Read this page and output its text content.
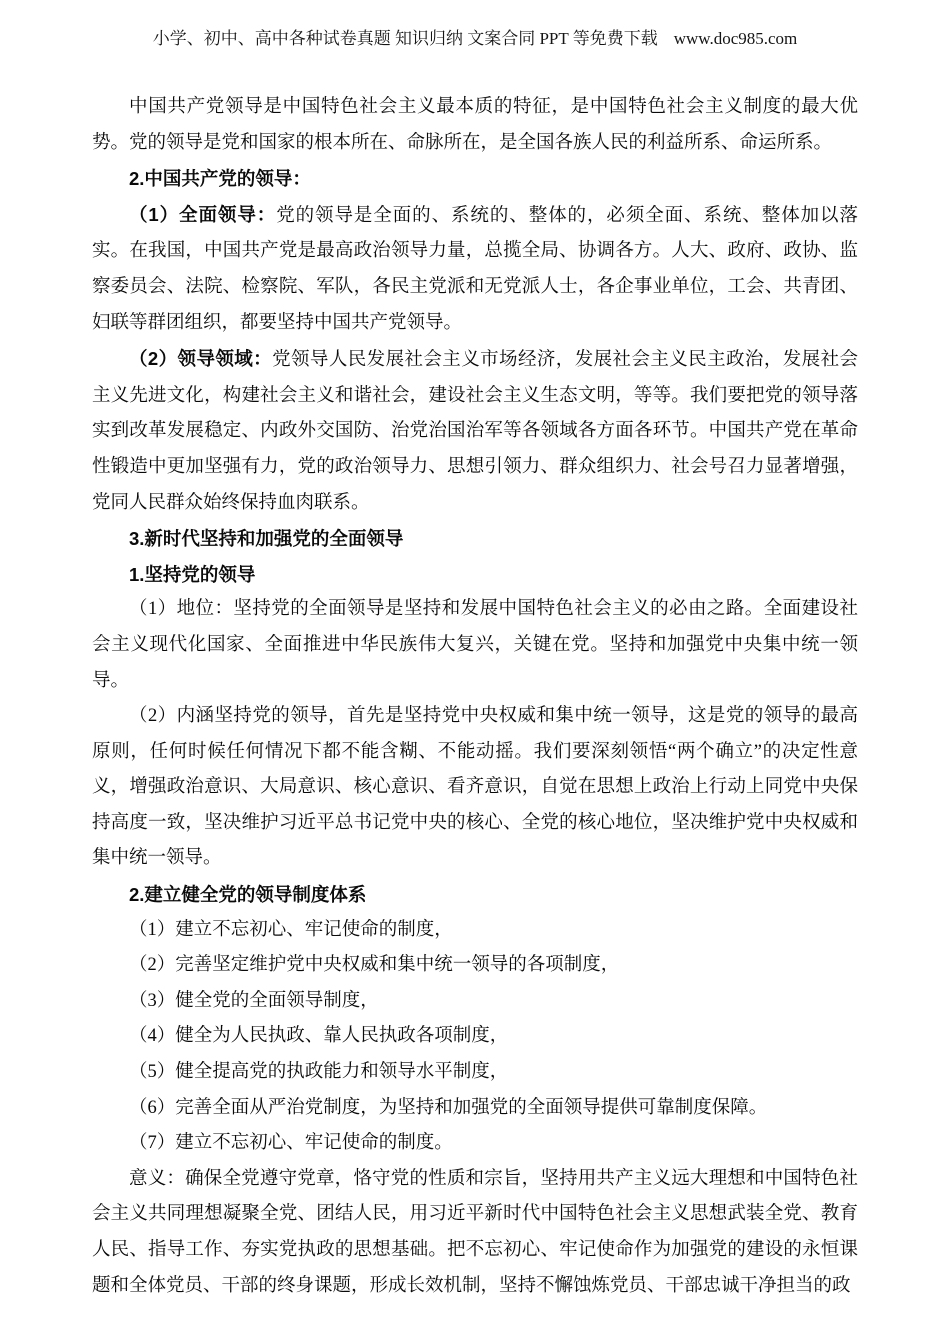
小学、初中、高中各种试卷真题 知识归纳 文案合同 PPT 等免费下载 www.doc985.com

中国共产党领导是中国特色社会主义最本质的特征，是中国特色社会主义制度的最大优势。党的领导是党和国家的根本所在、命脉所在，是全国各族人民的利益所系、命运所系。

2.中国共产党的领导：

（1）全面领导：党的领导是全面的、系统的、整体的，必须全面、系统、整体加以落实。在我国，中国共产党是最高政治领导力量，总揽全局、协调各方。人大、政府、政协、监察委员会、法院、检察院、军队，各民主党派和无党派人士，各企事业单位，工会、共青团、妇联等群团组织，都要坚持中国共产党领导。

（2）领导领域：党领导人民发展社会主义市场经济，发展社会主义民主政治，发展社会主义先进文化，构建社会主义和谐社会，建设社会主义生态文明，等等。我们要把党的领导落实到改革发展稳定、内政外交国防、治党治国治军等各领域各方面各环节。中国共产党在革命性锻造中更加坚强有力，党的政治领导力、思想引领力、群众组织力、社会号召力显著增强，党同人民群众始终保持血肉联系。

3.新时代坚持和加强党的全面领导

1.坚持党的领导

（1）地位：坚持党的全面领导是坚持和发展中国特色社会主义的必由之路。全面建设社会主义现代化国家、全面推进中华民族伟大复兴，关键在党。坚持和加强党中央集中统一领导。

（2）内涵坚持党的领导，首先是坚持党中央权威和集中统一领导，这是党的领导的最高原则，任何时候任何情况下都不能含糊、不能动摇。我们要深刻领悟“两个确立”的决定性意义，增强政治意识、大局意识、核心意识、看齐意识，自觉在思想上政治上行动上同党中央保持高度一致，坚决维护习近平总书记党中央的核心、全党的核心地位，坚决维护党中央权威和集中统一领导。

2.建立健全党的领导制度体系

（1）建立不忘初心、牢记使命的制度，

（2）完善坚定维护党中央权威和集中统一领导的各项制度，

（3）健全党的全面领导制度，

（4）健全为人民执政、靠人民执政各项制度，

（5）健全提高党的执政能力和领导水平制度，

（6）完善全面从严治党制度，为坚持和加强党的全面领导提供可靠制度保障。

（7）建立不忘初心、牢记使命的制度。

意义：确保全党遵守党章，恪守党的性质和宗旨，坚持用共产主义远大理想和中国特色社会主义共同理想凝聚全党、团结人民，用习近平新时代中国特色社会主义思想武装全党、教育人民、指导工作、夯实党执政的思想基础。把不忘初心、牢记使命作为加强党的建设的永恒课题和全体党员、干部的终身课题，形成长效机制，坚持不懈蚀炼党员、干部忠诚干净担当的政
